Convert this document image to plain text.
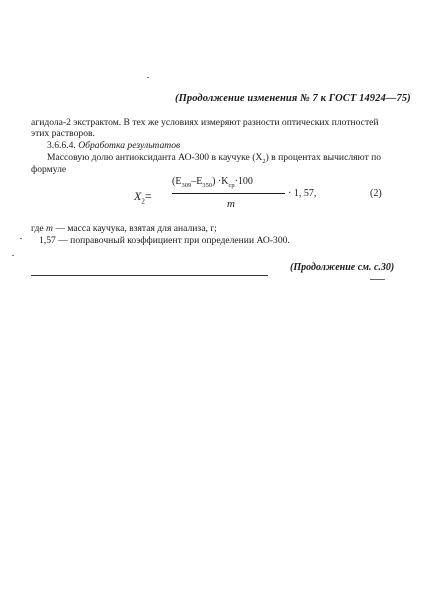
(Продолжение изменения № 7 к ГОСТ 14924—75)
агидола-2 экстрактом. В тех же условиях измеряют разности оптических плотностей
этих растворов.
3.6.6.4. Обработка результатов
Массовую долю антиоксиданта АО-300 в каучуке $(X_2)$ в процентах вычисляют по
формуле
$X_2=$
$(E_{309}-E_{350}) \cdot K_{ср}\cdot 100$
m
· 1, 57,	(2)
где m — масса каучука, взятая для анализа, г;
1,57 — поправочный коэффициент при определении АО-300.
(Продолжение см. с.30)
